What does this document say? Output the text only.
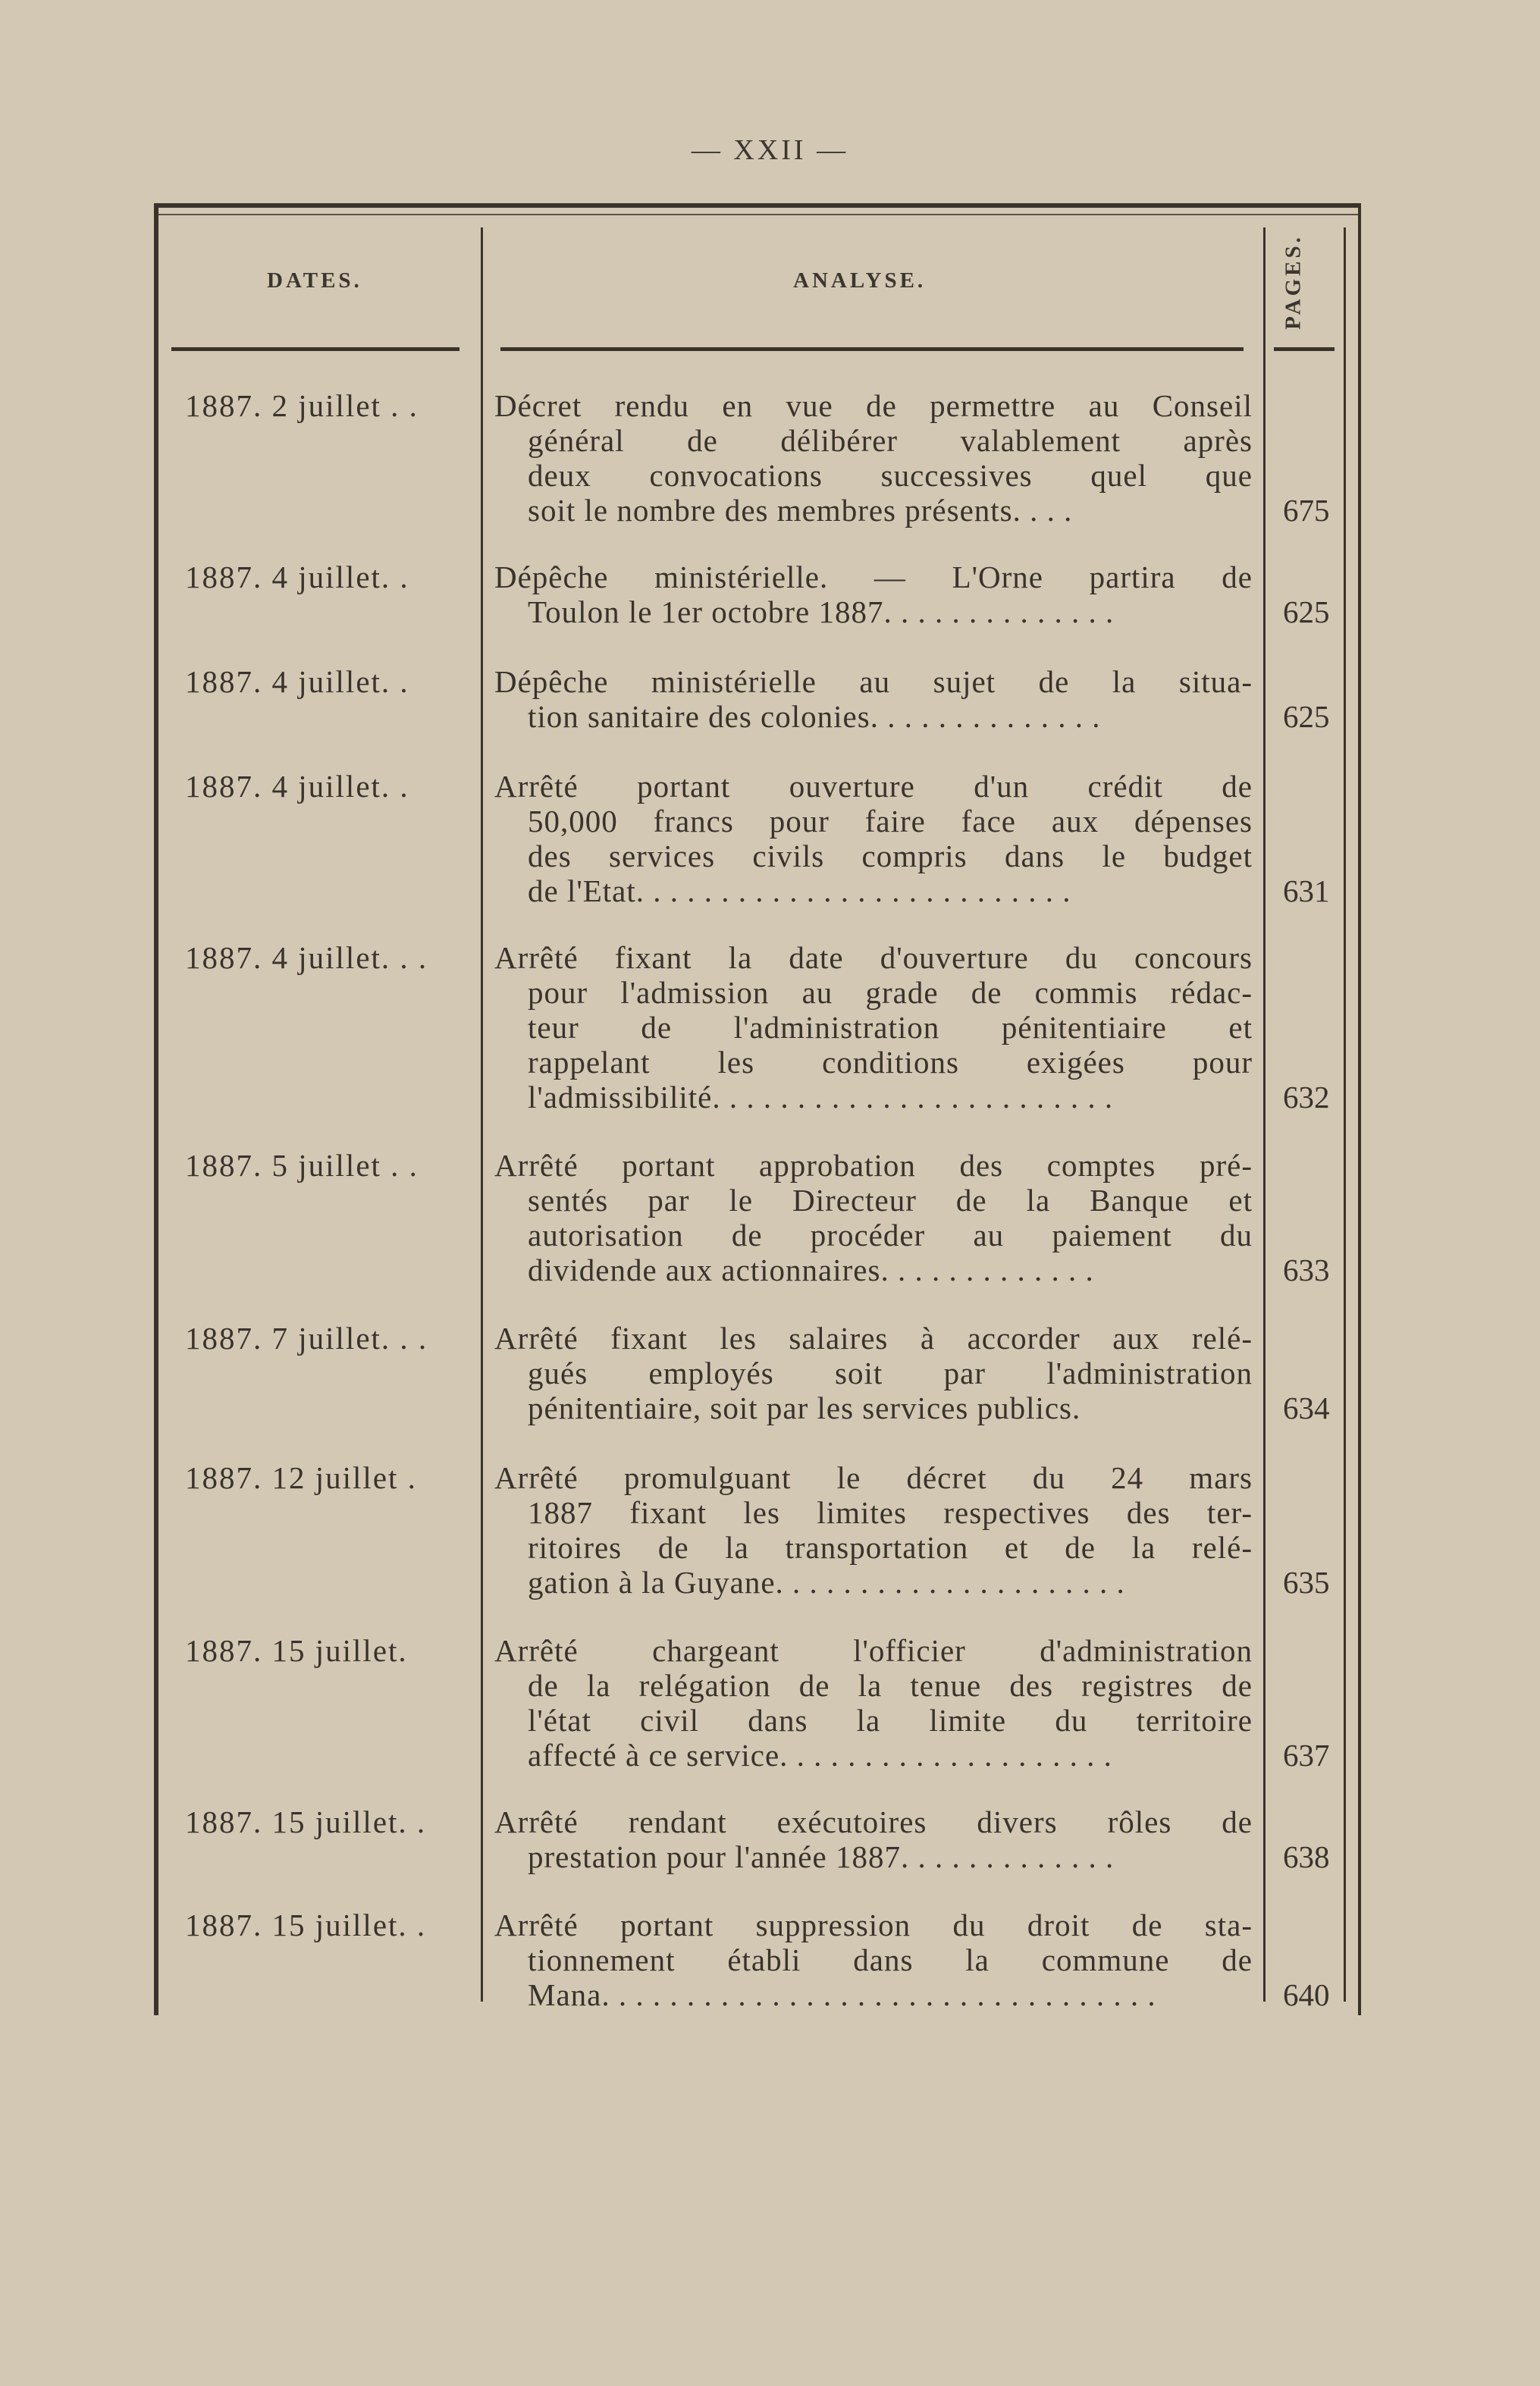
— XXII —
DATES.	ANALYSE.	PAGES.
1887. 2 juillet . . Décret rendu en vue de permettre au Conseil
général de délibérer valablement après
deux convocations successives quel que
soit le nombre des membres présents. . . .	675
1887. 4 juillet. .	Dépêche ministérielle. — L'Orne partira de
Toulon le 1er octobre 1887. . . . . . . . . . . . . .	625
1887. 4 juillet. .	Dépêche ministérielle au sujet de la situa-
tion sanitaire des colonies. . . . . . . . . . . . . .	625
1887. 4 juillet. .	Arrêté portant ouverture d'un crédit de
50,000 francs pour faire face aux dépenses
des services civils compris dans le budget
de l'Etat. . . . . . . . . . . . . . . . . . . . . . . . . .	631
1887. 4 juillet. . . Arrêté fixant la date d'ouverture du concours
pour l'admission au grade de commis rédac-
teur de l'administration pénitentiaire et
rappelant les conditions exigées pour
l'admissibilité. . . . . . . . . . . . . . . . . . . . . . . .	632
1887. 5 juillet . . Arrêté portant approbation des comptes pré-
sentés par le Directeur de la Banque et
autorisation de procéder au paiement du
dividende aux actionnaires. . . . . . . . . . . . .	633
1887. 7 juillet. . . Arrêté fixant les salaires à accorder aux relé-
gués employés soit par l'administration
pénitentiaire, soit par les services publics.	634
1887. 12 juillet . Arrêté promulguant le décret du 24 mars
1887 fixant les limites respectives des ter-
ritoires de la transportation et de la relé-
gation à la Guyane. . . . . . . . . . . . . . . . . . . . .	635
1887. 15 juillet.	Arrêté chargeant l'officier d'administration
de la relégation de la tenue des registres de
l'état civil dans la limite du territoire
affecté à ce service. . . . . . . . . . . . . . . . . . . .	637
1887. 15 juillet. . Arrêté rendant exécutoires divers rôles de
prestation pour l'année 1887. . . . . . . . . . . . .	638
1887. 15 juillet. . Arrêté portant suppression du droit de sta-
tionnement établi dans la commune de
Mana. . . . . . . . . . . . . . . . . . . . . . . . . . . . . . . . .	640
